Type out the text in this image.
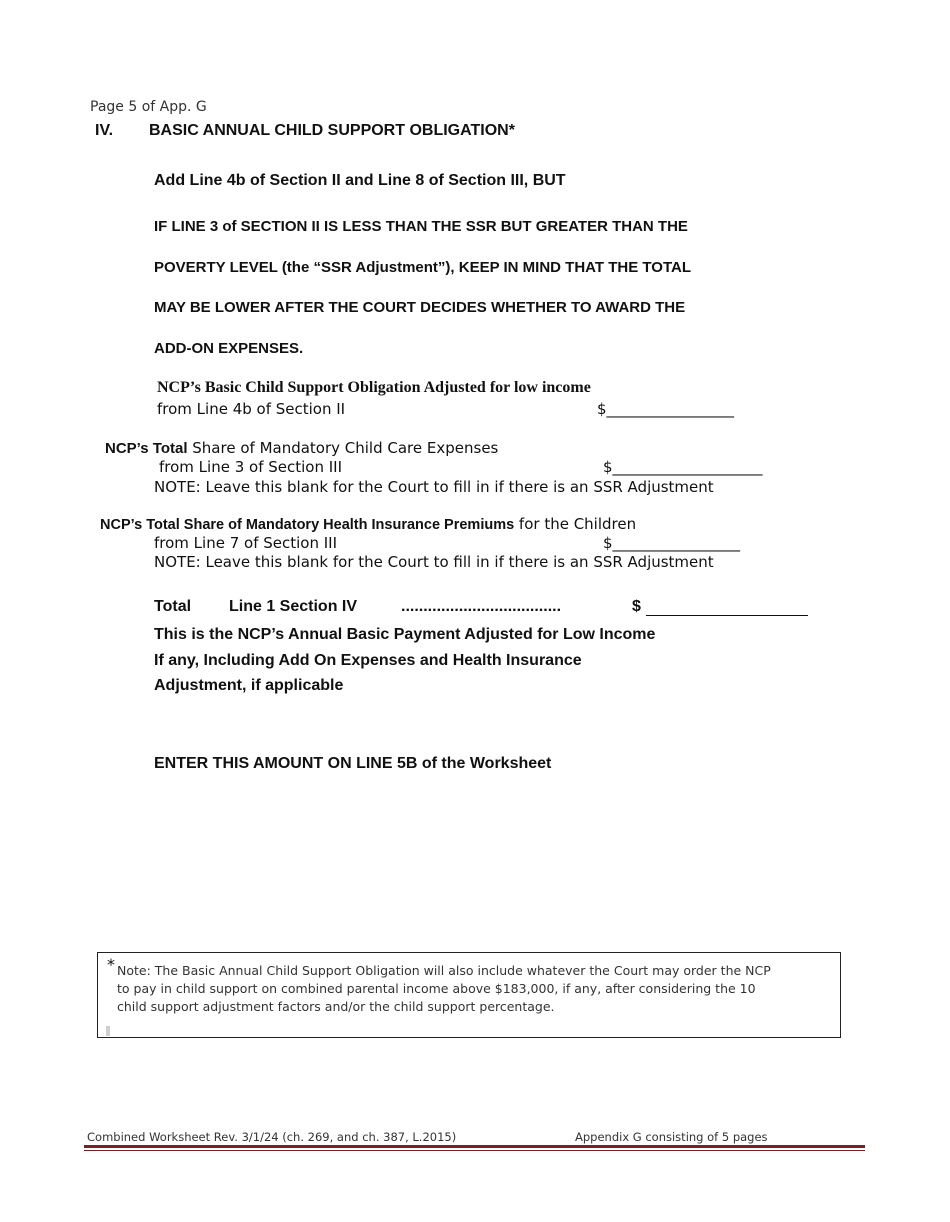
Page 5 of App. G
IV. BASIC ANNUAL CHILD SUPPORT OBLIGATION*
Add Line 4b of Section II and Line 8 of Section III, BUT
IF LINE 3 of SECTION II IS LESS THAN THE SSR BUT GREATER THAN THE
POVERTY LEVEL (the “SSR Adjustment”), KEEP IN MIND THAT THE TOTAL
MAY BE LOWER AFTER THE COURT DECIDES WHETHER TO AWARD THE
ADD-ON EXPENSES.
NCP’s Basic Child Support Obligation Adjusted for low income
from Line 4b of Section II	$_________________
NCP’s Total Share of Mandatory Child Care Expenses
from Line 3 of Section III	$____________________
NOTE: Leave this blank for the Court to fill in if there is an SSR Adjustment
NCP’s Total Share of Mandatory Health Insurance Premiums for the Children
from Line 7 of Section III	$_________________
NOTE: Leave this blank for the Court to fill in if there is an SSR Adjustment
Total Line 1 Section IV	....................................	$
This is the NCP’s Annual Basic Payment Adjusted for Low Income
If any, Including Add On Expenses and Health Insurance
Adjustment, if applicable
ENTER THIS AMOUNT ON LINE 5B of the Worksheet
* Note: The Basic Annual Child Support Obligation will also include whatever the Court may order the NCP
to pay in child support on combined parental income above $183,000, if any, after considering the 10
child support adjustment factors and/or the child support percentage.
Combined Worksheet Rev. 3/1/24 (ch. 269, and ch. 387, L.2015)	Appendix G consisting of 5 pages
